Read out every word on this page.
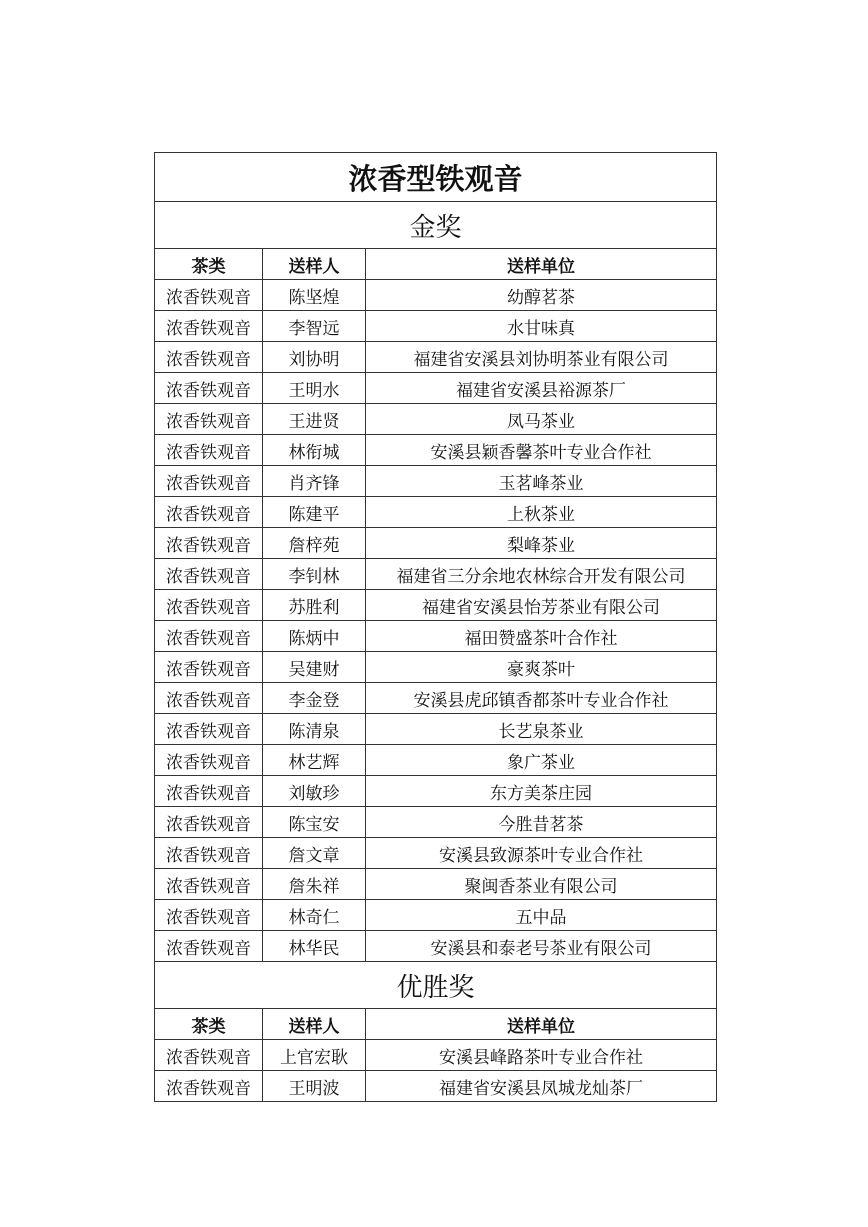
浓香型铁观音		
金奖		
茶类	送样人	送样单位
浓香铁观音	陈坚煌	幼醇茗茶
浓香铁观音	李智远	水甘味真
浓香铁观音	刘协明	福建省安溪县刘协明茶业有限公司
浓香铁观音	王明水	福建省安溪县裕源茶厂
浓香铁观音	王进贤	凤马茶业
浓香铁观音	林衔城	安溪县颖香馨茶叶专业合作社
浓香铁观音	肖齐锋	玉茗峰茶业
浓香铁观音	陈建平	上秋茶业
浓香铁观音	詹梓苑	梨峰茶业
浓香铁观音	李钊林	福建省三分余地农林综合开发有限公司
浓香铁观音	苏胜利	福建省安溪县怡芳茶业有限公司
浓香铁观音	陈炳中	福田赞盛茶叶合作社
浓香铁观音	吴建财	豪爽茶叶
浓香铁观音	李金登	安溪县虎邱镇香都茶叶专业合作社
浓香铁观音	陈清泉	长艺泉茶业
浓香铁观音	林艺辉	象广茶业
浓香铁观音	刘敏珍	东方美茶庄园
浓香铁观音	陈宝安	今胜昔茗茶
浓香铁观音	詹文章	安溪县致源茶叶专业合作社
浓香铁观音	詹朱祥	聚闽香茶业有限公司
浓香铁观音	林奇仁	五中品
浓香铁观音	林华民	安溪县和泰老号茶业有限公司
优胜奖		
茶类	送样人	送样单位
浓香铁观音	上官宏耿	安溪县峰路茶叶专业合作社
浓香铁观音	王明波	福建省安溪县凤城龙灿茶厂
